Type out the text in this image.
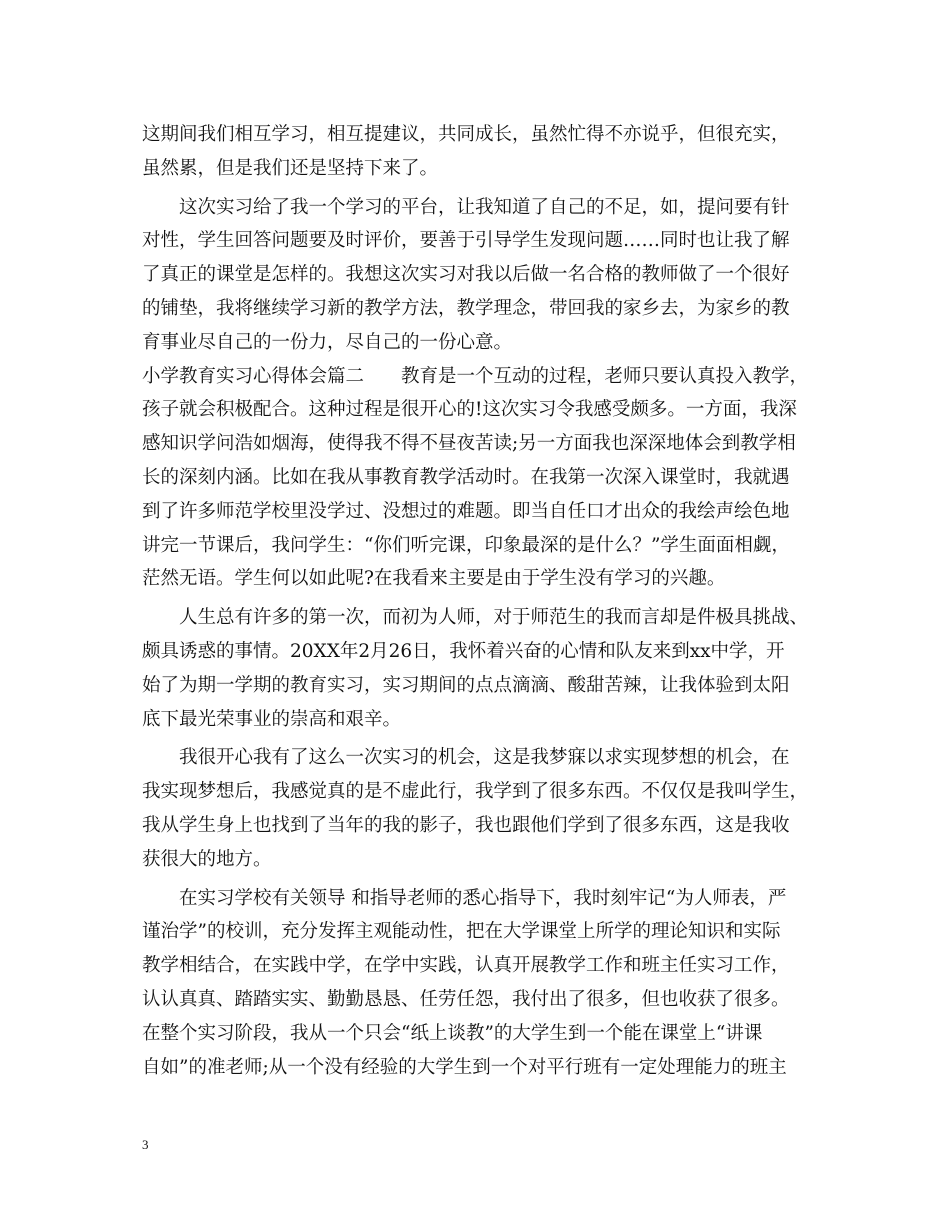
这期间我们相互学习，相互提建议，共同成长，虽然忙得不亦说乎，但很充实，
虽然累，但是我们还是坚持下来了。
这次实习给了我一个学习的平台，让我知道了自己的不足，如，提问要有针
对性，学生回答问题要及时评价，要善于引导学生发现问题……同时也让我了解
了真正的课堂是怎样的。我想这次实习对我以后做一名合格的教师做了一个很好
的铺垫，我将继续学习新的教学方法，教学理念，带回我的家乡去，为家乡的教
育事业尽自己的一份力，尽自己的一份心意。
小学教育实习心得体会篇二　　教育是一个互动的过程，老师只要认真投入教学，
孩子就会积极配合。这种过程是很开心的!这次实习令我感受颇多。一方面，我深
感知识学问浩如烟海，使得我不得不昼夜苦读;另一方面我也深深地体会到教学相
长的深刻内涵。比如在我从事教育教学活动时。在我第一次深入课堂时，我就遇
到了许多师范学校里没学过、没想过的难题。即当自任口才出众的我绘声绘色地
讲完一节课后，我问学生：“你们听完课，印象最深的是什么？”学生面面相觑，
茫然无语。学生何以如此呢?在我看来主要是由于学生没有学习的兴趣。
人生总有许多的第一次，而初为人师，对于师范生的我而言却是件极具挑战、
颇具诱惑的事情。20XX年2月26日，我怀着兴奋的心情和队友来到xx中学，开
始了为期一学期的教育实习，实习期间的点点滴滴、酸甜苦辣，让我体验到太阳
底下最光荣事业的崇高和艰辛。
我很开心我有了这么一次实习的机会，这是我梦寐以求实现梦想的机会，在
我实现梦想后，我感觉真的是不虚此行，我学到了很多东西。不仅仅是我叫学生，
我从学生身上也找到了当年的我的影子，我也跟他们学到了很多东西，这是我收
获很大的地方。
在实习学校有关领导 和指导老师的悉心指导下，我时刻牢记“为人师表，严
谨治学”的校训，充分发挥主观能动性，把在大学课堂上所学的理论知识和实际
教学相结合，在实践中学，在学中实践，认真开展教学工作和班主任实习工作，
认认真真、踏踏实实、勤勤恳恳、任劳任怨，我付出了很多，但也收获了很多。
在整个实习阶段，我从一个只会“纸上谈教”的大学生到一个能在课堂上“讲课
自如”的准老师;从一个没有经验的大学生到一个对平行班有一定处理能力的班主
3
